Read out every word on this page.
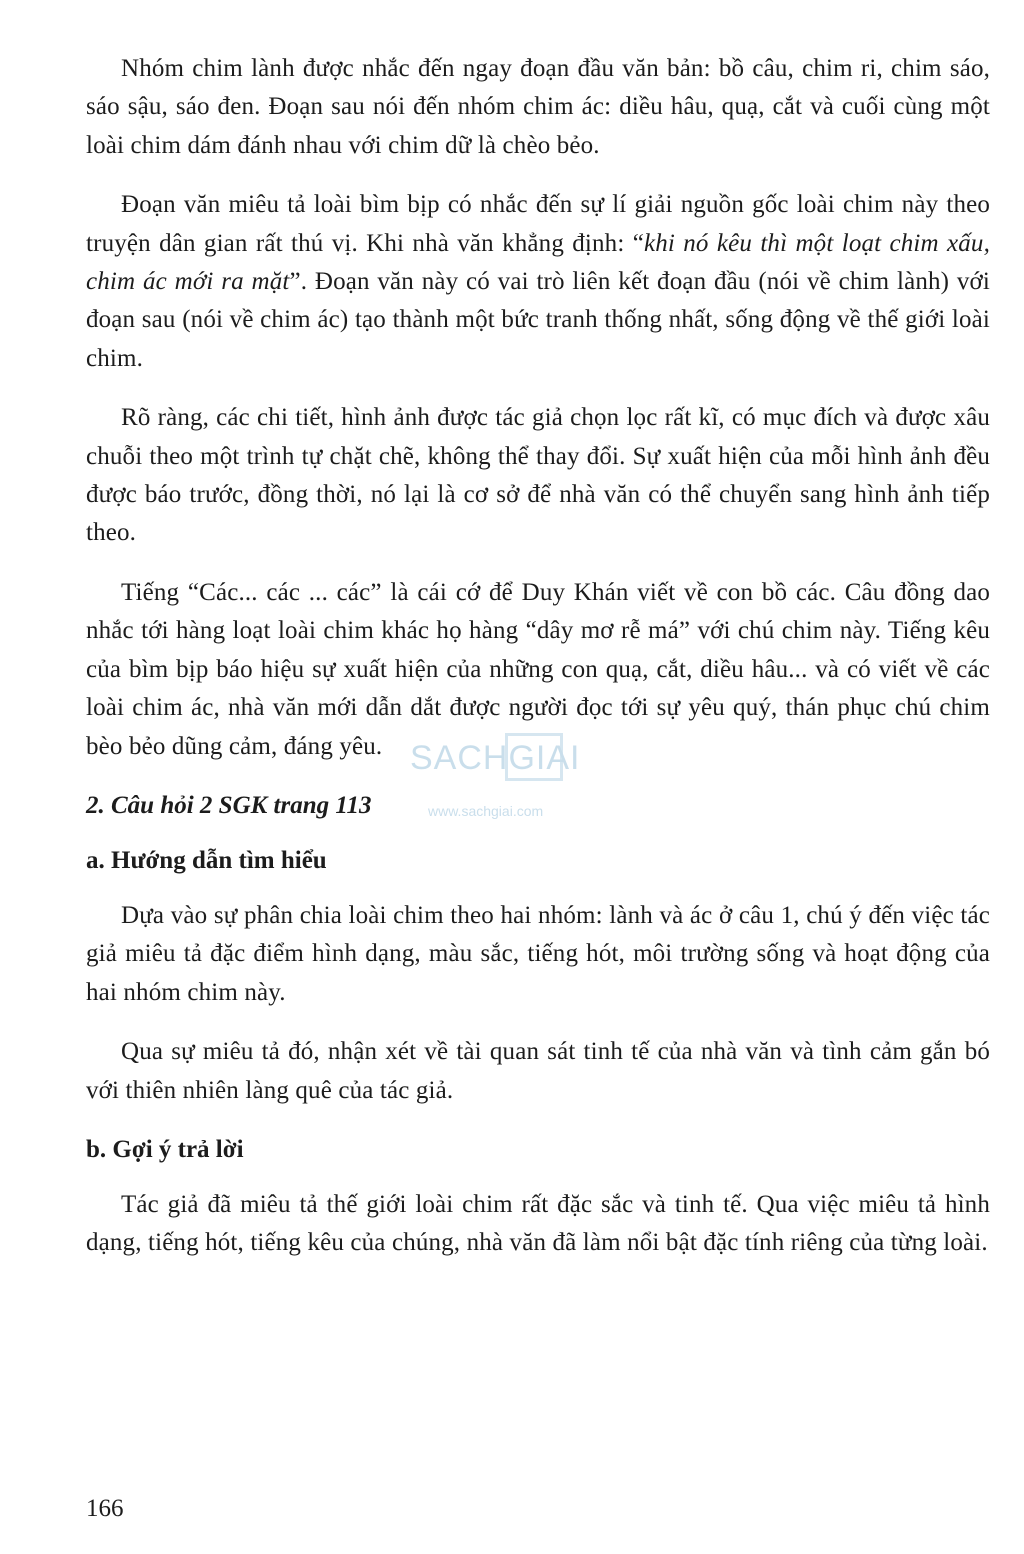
Nhóm chim lành được nhắc đến ngay đoạn đầu văn bản: bồ câu, chim ri, chim sáo, sáo sậu, sáo đen. Đoạn sau nói đến nhóm chim ác: diều hâu, quạ, cắt và cuối cùng một loài chim dám đánh nhau với chim dữ là chèo bẻo.

Đoạn văn miêu tả loài bìm bịp có nhắc đến sự lí giải nguồn gốc loài chim này theo truyện dân gian rất thú vị. Khi nhà văn khẳng định: “khi nó kêu thì một loạt chim xấu, chim ác mới ra mặt”. Đoạn văn này có vai trò liên kết đoạn đầu (nói về chim lành) với đoạn sau (nói về chim ác) tạo thành một bức tranh thống nhất, sống động về thế giới loài chim.

Rõ ràng, các chi tiết, hình ảnh được tác giả chọn lọc rất kĩ, có mục đích và được xâu chuỗi theo một trình tự chặt chẽ, không thể thay đổi. Sự xuất hiện của mỗi hình ảnh đều được báo trước, đồng thời, nó lại là cơ sở để nhà văn có thể chuyển sang hình ảnh tiếp theo.

Tiếng “Các... các ... các” là cái cớ để Duy Khán viết về con bồ các. Câu đồng dao nhắc tới hàng loạt loài chim khác họ hàng “dây mơ rễ má” với chú chim này. Tiếng kêu của bìm bịp báo hiệu sự xuất hiện của những con quạ, cắt, diều hâu... và có viết về các loài chim ác, nhà văn mới dẫn dắt được người đọc tới sự yêu quý, thán phục chú chim bèo bẻo dũng cảm, đáng yêu.

2. Câu hỏi 2 SGK trang 113
a. Hướng dẫn tìm hiểu

Dựa vào sự phân chia loài chim theo hai nhóm: lành và ác ở câu 1, chú ý đến việc tác giả miêu tả đặc điểm hình dạng, màu sắc, tiếng hót, môi trường sống và hoạt động của hai nhóm chim này.

Qua sự miêu tả đó, nhận xét về tài quan sát tinh tế của nhà văn và tình cảm gắn bó với thiên nhiên làng quê của tác giả.

b. Gợi ý trả lời

Tác giả đã miêu tả thế giới loài chim rất đặc sắc và tinh tế. Qua việc miêu tả hình dạng, tiếng hót, tiếng kêu của chúng, nhà văn đã làm nổi bật đặc tính riêng của từng loài.

SACHGIAI
www.sachgiai.com
166
